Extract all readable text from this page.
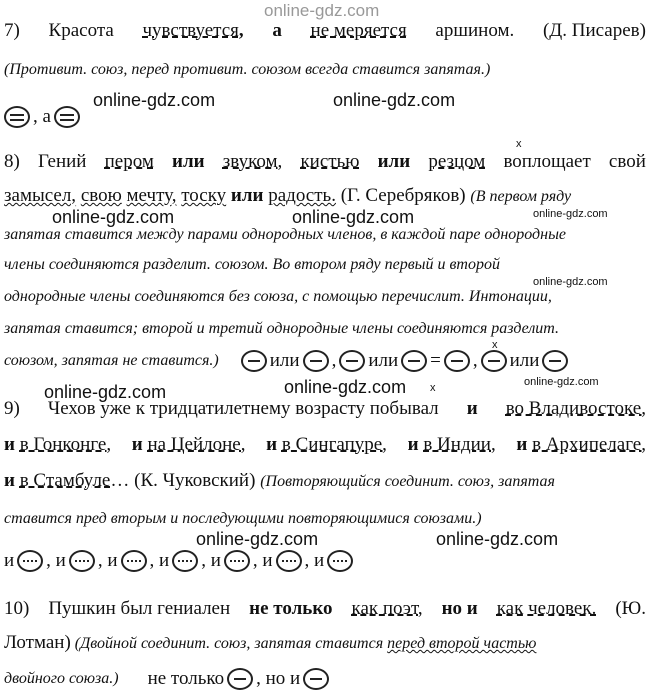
online-gdz.com
7) Красота чувствуется, а не меряется аршином. (Д. Писарев)
(Противит. союз, перед противит. союзом всегда ставится запятая.)
, а
online-gdz.com	online-gdz.com
x
8) Гений пером или звуком, кистью или резцом воплощает свой
замысел, свою мечту, тоску или радость. (Г. Серебряков) (В первом ряду
online-gdz.com
online-gdz.com	online-gdz.com
запятая ставится между парами однородных членов, в каждой паре однородные
члены соединяются разделит. союзом. Во втором ряду первый и второй
online-gdz.com
однородные члены соединяются без союза, с помощью перечислит. Интонации,
запятая ставится; второй и третий однородные члены соединяются разделит.
x
союзом, запятая не ставится.)	или , или = , или
online-gdz.com
online-gdz.com x
online-gdz.com
9) Чехов уже к тридцатилетнему возрасту побывал и во Владивостоке,
и в Гонконге, и на Цейлоне, и в Сингапуре, и в Индии, и в Архипелаге,
и в Стамбуле… (К. Чуковский) (Повторяющийся соединит. союз, запятая
ставится пред вторым и последующими повторяющимися союзами.)
online-gdz.com	online-gdz.com
и , и , и , и , и , и , и
10) Пушкин был гениален не только как поэт, но и как человек. (Ю.
Лотман) (Двойной соединит. союз, запятая ставится перед второй частью
двойного союза.) не только , но и
